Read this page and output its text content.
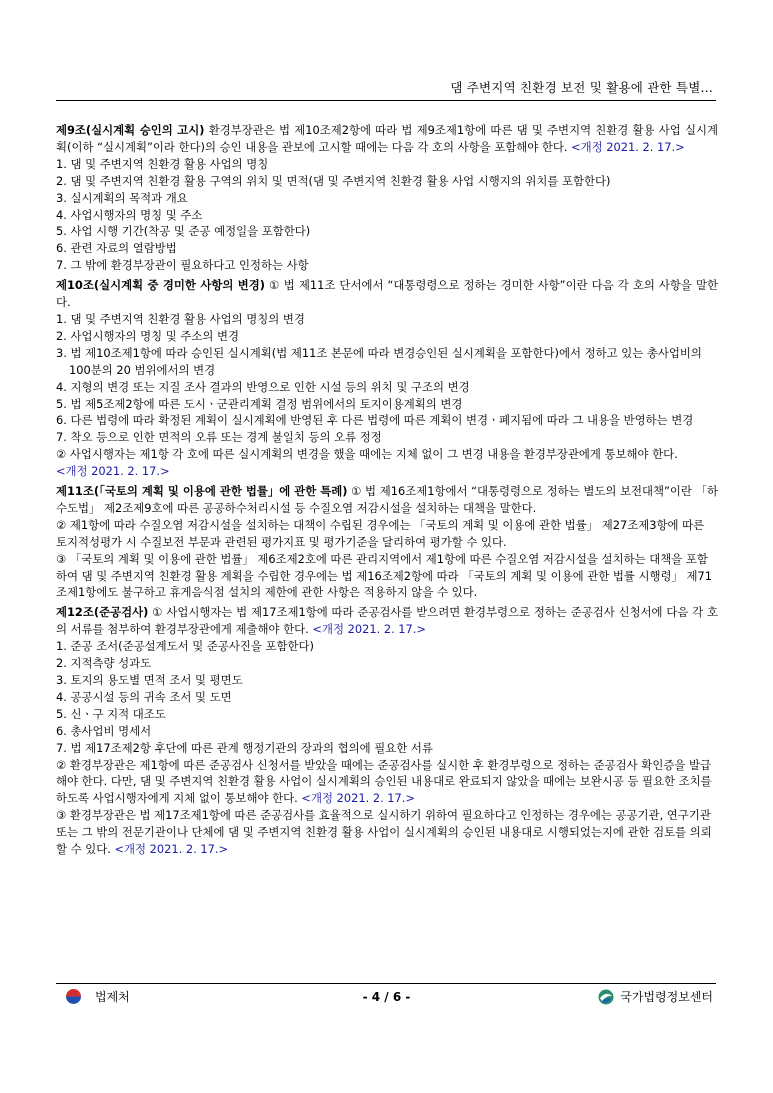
댐 주변지역 친환경 보전 및 활용에 관한 특별...
제9조(실시계획 승인의 고시) 환경부장관은 법 제10조제2항에 따라 법 제9조제1항에 따른 댐 및 주변지역 친환경 활용 사업 실시계획(이하 “실시계획”이라 한다)의 승인 내용을 관보에 고시할 때에는 다음 각 호의 사항을 포함해야 한다. <개정 2021. 2. 17.>
1. 댐 및 주변지역 친환경 활용 사업의 명칭
2. 댐 및 주변지역 친환경 활용 구역의 위치 및 면적(댐 및 주변지역 친환경 활용 사업 시행지의 위치를 포함한다)
3. 실시계획의 목적과 개요
4. 사업시행자의 명칭 및 주소
5. 사업 시행 기간(착공 및 준공 예정일을 포함한다)
6. 관련 자료의 열람방법
7. 그 밖에 환경부장관이 필요하다고 인정하는 사항
제10조(실시계획 중 경미한 사항의 변경) ① 법 제11조 단서에서 “대통령령으로 정하는 경미한 사항”이란 다음 각 호의 사항을 말한다.
1. 댐 및 주변지역 친환경 활용 사업의 명칭의 변경
2. 사업시행자의 명칭 및 주소의 변경
3. 법 제10조제1항에 따라 승인된 실시계획(법 제11조 본문에 따라 변경승인된 실시계획을 포함한다)에서 정하고 있는 총사업비의 100분의 20 범위에서의 변경
4. 지형의 변경 또는 지질 조사 결과의 반영으로 인한 시설 등의 위치 및 구조의 변경
5. 법 제5조제2항에 따른 도시ㆍ군관리계획 결정 범위에서의 토지이용계획의 변경
6. 다른 법령에 따라 확정된 계획이 실시계획에 반영된 후 다른 법령에 따른 계획이 변경ㆍ폐지됨에 따라 그 내용을 반영하는 변경
7. 착오 등으로 인한 면적의 오류 또는 경계 불일치 등의 오류 정정
② 사업시행자는 제1항 각 호에 따른 실시계획의 변경을 했을 때에는 지체 없이 그 변경 내용을 환경부장관에게 통보해야 한다. <개정 2021. 2. 17.>
제11조(「국토의 계획 및 이용에 관한 법률」에 관한 특례) ① 법 제16조제1항에서 “대통령령으로 정하는 별도의 보전대책”이란 「하수도법」 제2조제9호에 따른 공공하수처리시설 등 수질오염 저감시설을 설치하는 대책을 말한다.
② 제1항에 따라 수질오염 저감시설을 설치하는 대책이 수립된 경우에는 「국토의 계획 및 이용에 관한 법률」 제27조제3항에 따른 토지적성평가 시 수질보전 부문과 관련된 평가지표 및 평가기준을 달리하여 평가할 수 있다.
③ 「국토의 계획 및 이용에 관한 법률」 제6조제2호에 따른 관리지역에서 제1항에 따른 수질오염 저감시설을 설치하는 대책을 포함하여 댐 및 주변지역 친환경 활용 계획을 수립한 경우에는 법 제16조제2항에 따라 「국토의 계획 및 이용에 관한 법률 시행령」 제71조제1항에도 불구하고 휴게음식점 설치의 제한에 관한 사항은 적용하지 않을 수 있다.
제12조(준공검사) ① 사업시행자는 법 제17조제1항에 따라 준공검사를 받으려면 환경부령으로 정하는 준공검사 신청서에 다음 각 호의 서류를 첨부하여 환경부장관에게 제출해야 한다. <개정 2021. 2. 17.>
1. 준공 조서(준공설계도서 및 준공사진을 포함한다)
2. 지적측량 성과도
3. 토지의 용도별 면적 조서 및 평면도
4. 공공시설 등의 귀속 조서 및 도면
5. 신ㆍ구 지적 대조도
6. 총사업비 명세서
7. 법 제17조제2항 후단에 따른 관계 행정기관의 장과의 협의에 필요한 서류
② 환경부장관은 제1항에 따른 준공검사 신청서를 받았을 때에는 준공검사를 실시한 후 환경부령으로 정하는 준공검사 확인증을 발급해야 한다. 다만, 댐 및 주변지역 친환경 활용 사업이 실시계획의 승인된 내용대로 완료되지 않았을 때에는 보완시공 등 필요한 조치를 하도록 사업시행자에게 지체 없이 통보해야 한다. <개정 2021. 2. 17.>
③ 환경부장관은 법 제17조제1항에 따른 준공검사를 효율적으로 실시하기 위하여 필요하다고 인정하는 경우에는 공공기관, 연구기관 또는 그 밖의 전문기관이나 단체에 댐 및 주변지역 친환경 활용 사업이 실시계획의 승인된 내용대로 시행되었는지에 관한 검토를 의뢰할 수 있다. <개정 2021. 2. 17.>
법제처	- 4 / 6 -	국가법령정보센터
